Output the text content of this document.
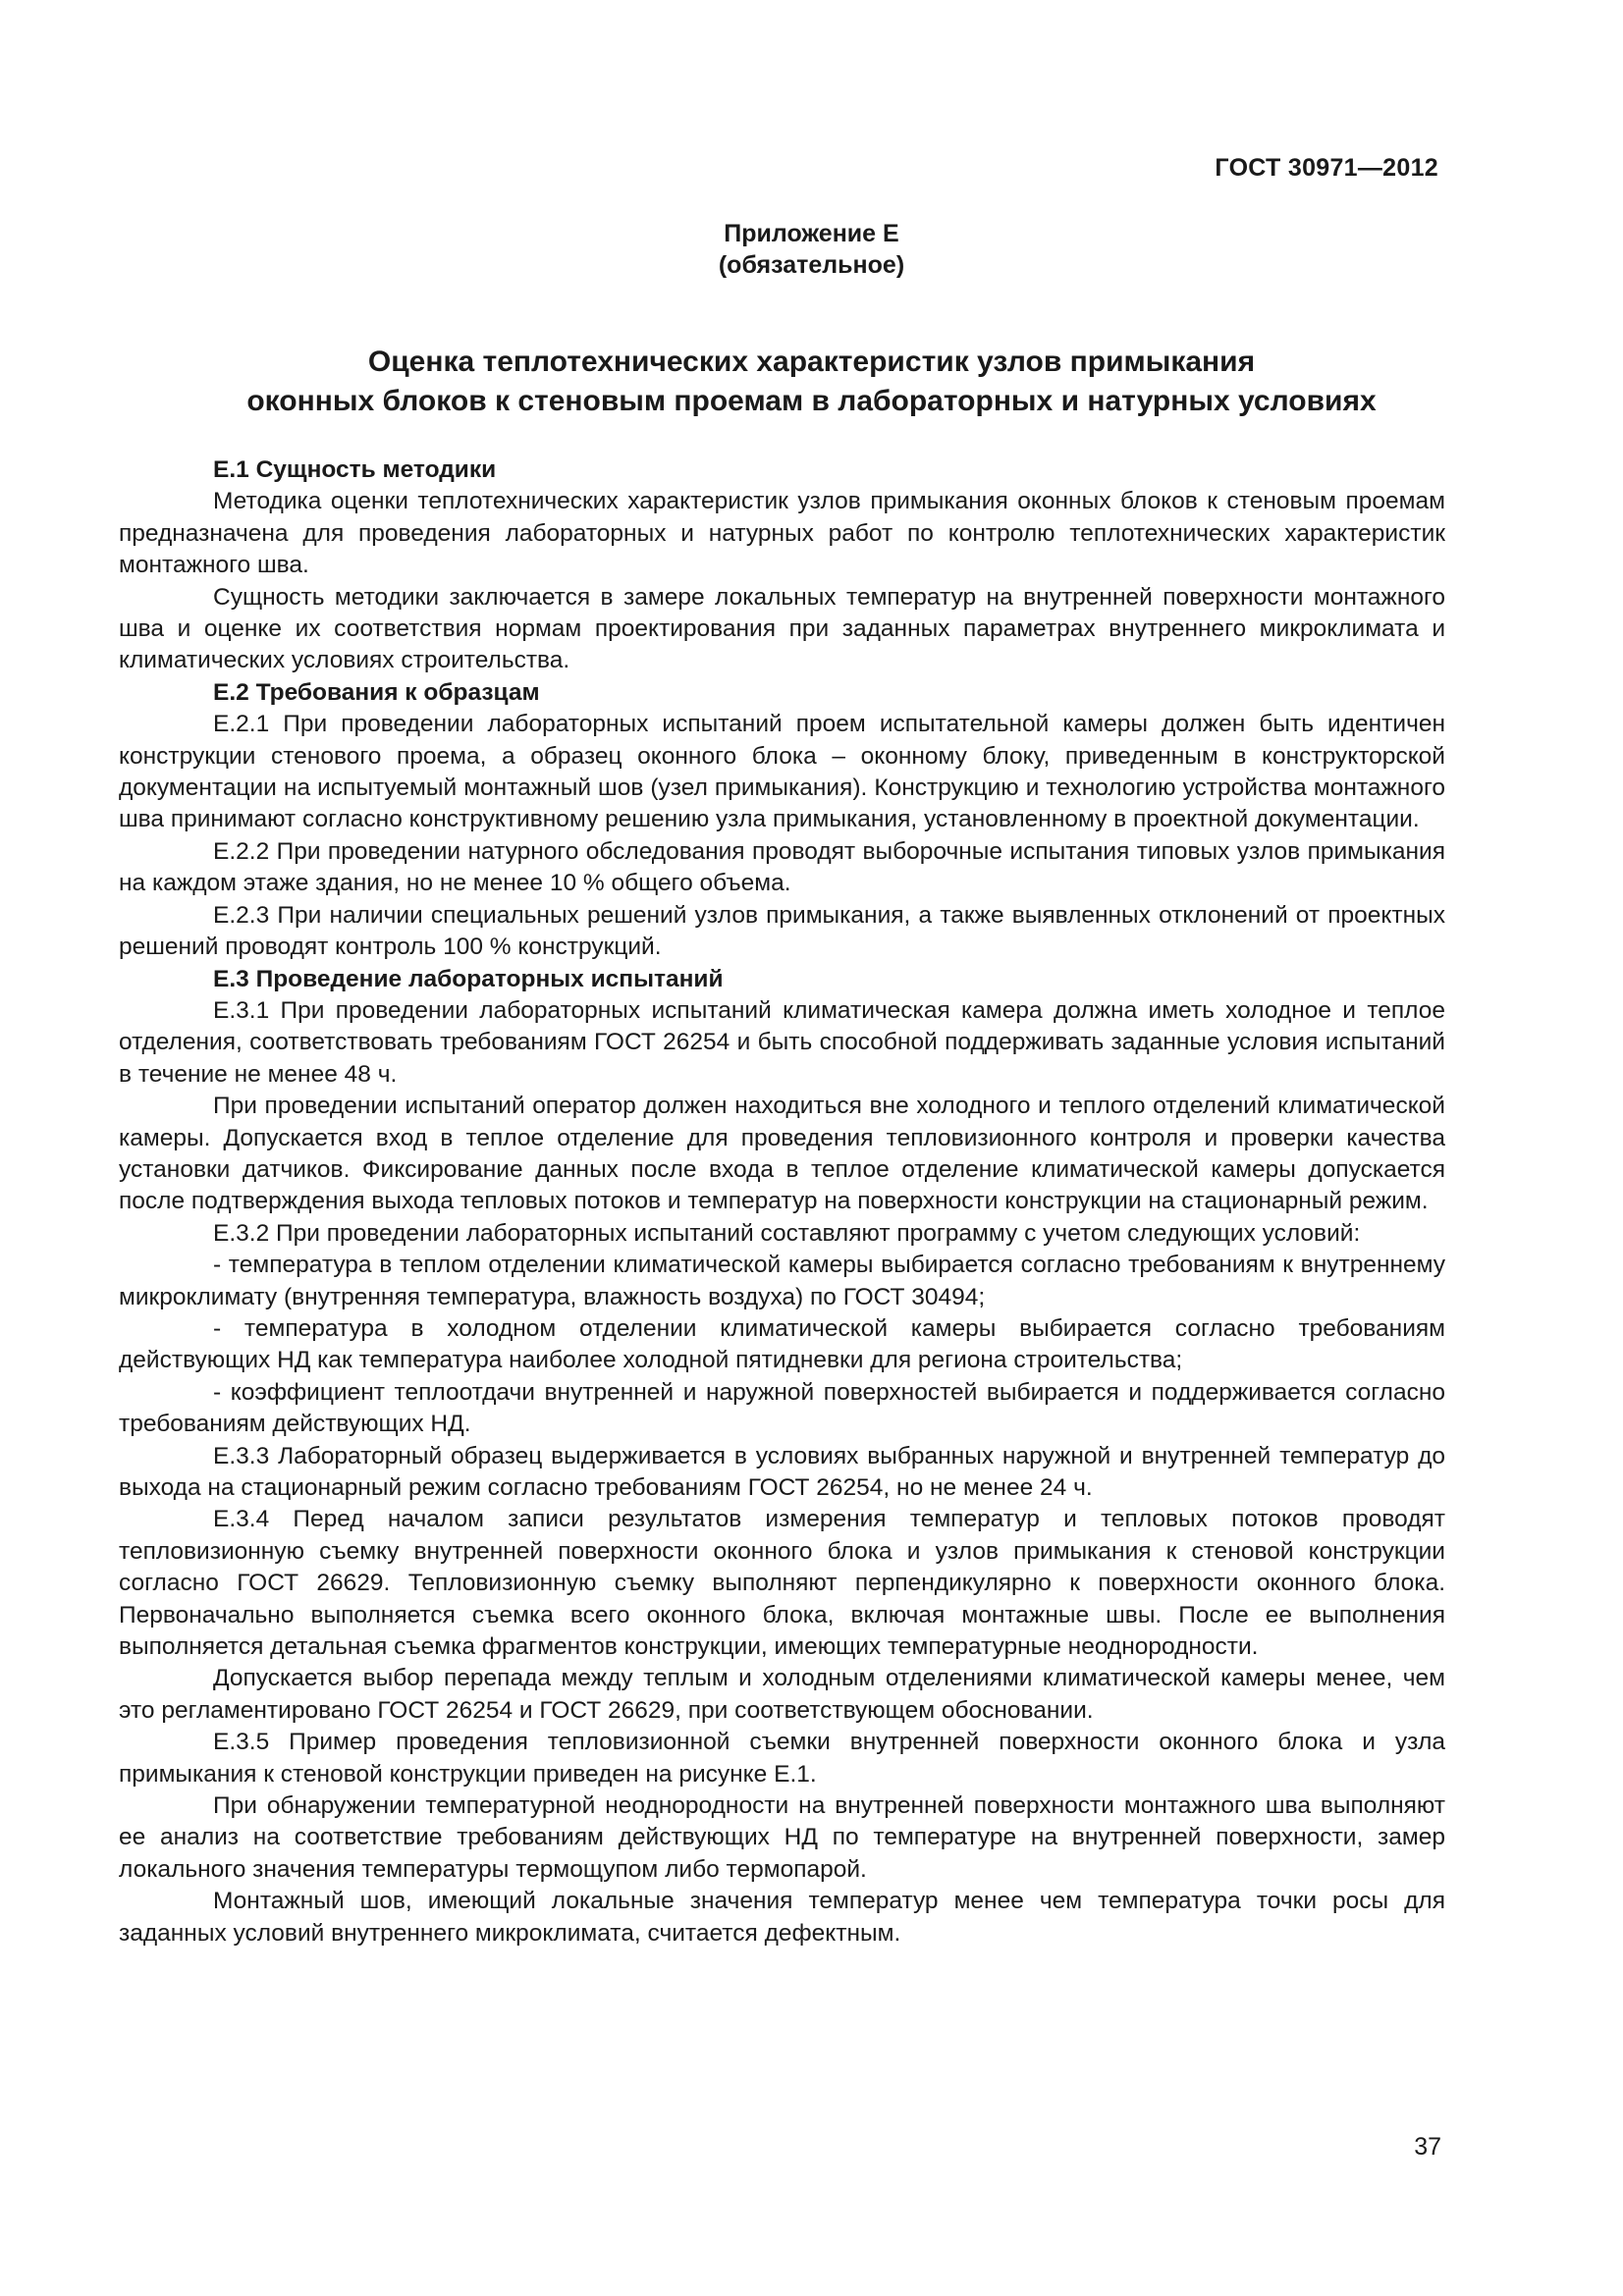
ГОСТ 30971—2012
Приложение Е
(обязательное)
Оценка теплотехнических характеристик узлов примыкания
оконных блоков к стеновым проемам в лабораторных и натурных условиях

Е.1 Сущность методики

Методика оценки теплотехнических характеристик узлов примыкания оконных блоков к стеновым проемам предназначена для проведения лабораторных и натурных работ по контролю теплотехнических характеристик монтажного шва.

Сущность методики заключается в замере локальных температур на внутренней поверхности монтажного шва и оценке их соответствия нормам проектирования при заданных параметрах внутреннего микроклимата и климатических условиях строительства.

Е.2 Требования к образцам

Е.2.1 При проведении лабораторных испытаний проем испытательной камеры должен быть идентичен конструкции стенового проема, а образец оконного блока – оконному блоку, приведенным в конструкторской документации на испытуемый монтажный шов (узел примыкания). Конструкцию и технологию устройства монтажного шва принимают согласно конструктивному решению узла примыкания, установленному в проектной документации.

Е.2.2 При проведении натурного обследования проводят выборочные испытания типовых узлов примыкания на каждом этаже здания, но не менее 10 % общего объема.

Е.2.3 При наличии специальных решений узлов примыкания, а также выявленных отклонений от проектных решений проводят контроль 100 % конструкций.

Е.3 Проведение лабораторных испытаний

Е.3.1 При проведении лабораторных испытаний климатическая камера должна иметь холодное и теплое отделения, соответствовать требованиям ГОСТ 26254 и быть способной поддерживать заданные условия испытаний в течение не менее 48 ч.

При проведении испытаний оператор должен находиться вне холодного и теплого отделений климатической камеры. Допускается вход в теплое отделение для проведения тепловизионного контроля и проверки качества установки датчиков. Фиксирование данных после входа в теплое отделение климатической камеры допускается после подтверждения выхода тепловых потоков и температур на поверхности конструкции на стационарный режим.

Е.3.2 При проведении лабораторных испытаний составляют программу с учетом следующих условий:

- температура в теплом отделении климатической камеры выбирается согласно требованиям к внутреннему микроклимату (внутренняя температура, влажность воздуха) по ГОСТ 30494;

- температура в холодном отделении климатической камеры выбирается согласно требованиям действующих НД как температура наиболее холодной пятидневки для региона строительства;

- коэффициент теплоотдачи внутренней и наружной поверхностей выбирается и поддерживается согласно требованиям действующих НД.

Е.3.3 Лабораторный образец выдерживается в условиях выбранных наружной и внутренней температур до выхода на стационарный режим согласно требованиям ГОСТ 26254, но не менее 24 ч.

Е.3.4 Перед началом записи результатов измерения температур и тепловых потоков проводят тепловизионную съемку внутренней поверхности оконного блока и узлов примыкания к стеновой конструкции согласно ГОСТ 26629. Тепловизионную съемку выполняют перпендикулярно к поверхности оконного блока. Первоначально выполняется съемка всего оконного блока, включая монтажные швы. После ее выполнения выполняется детальная съемка фрагментов конструкции, имеющих температурные неоднородности.

Допускается выбор перепада между теплым и холодным отделениями климатической камеры менее, чем это регламентировано ГОСТ 26254 и ГОСТ 26629, при соответствующем обосновании.

Е.3.5 Пример проведения тепловизионной съемки внутренней поверхности оконного блока и узла примыкания к стеновой конструкции приведен на рисунке Е.1.

При обнаружении температурной неоднородности на внутренней поверхности монтажного шва выполняют ее анализ на соответствие требованиям действующих НД по температуре на внутренней поверхности, замер локального значения температуры термощупом либо термопарой.

Монтажный шов, имеющий локальные значения температур менее чем температура точки росы для заданных условий внутреннего микроклимата, считается дефектным.

37
